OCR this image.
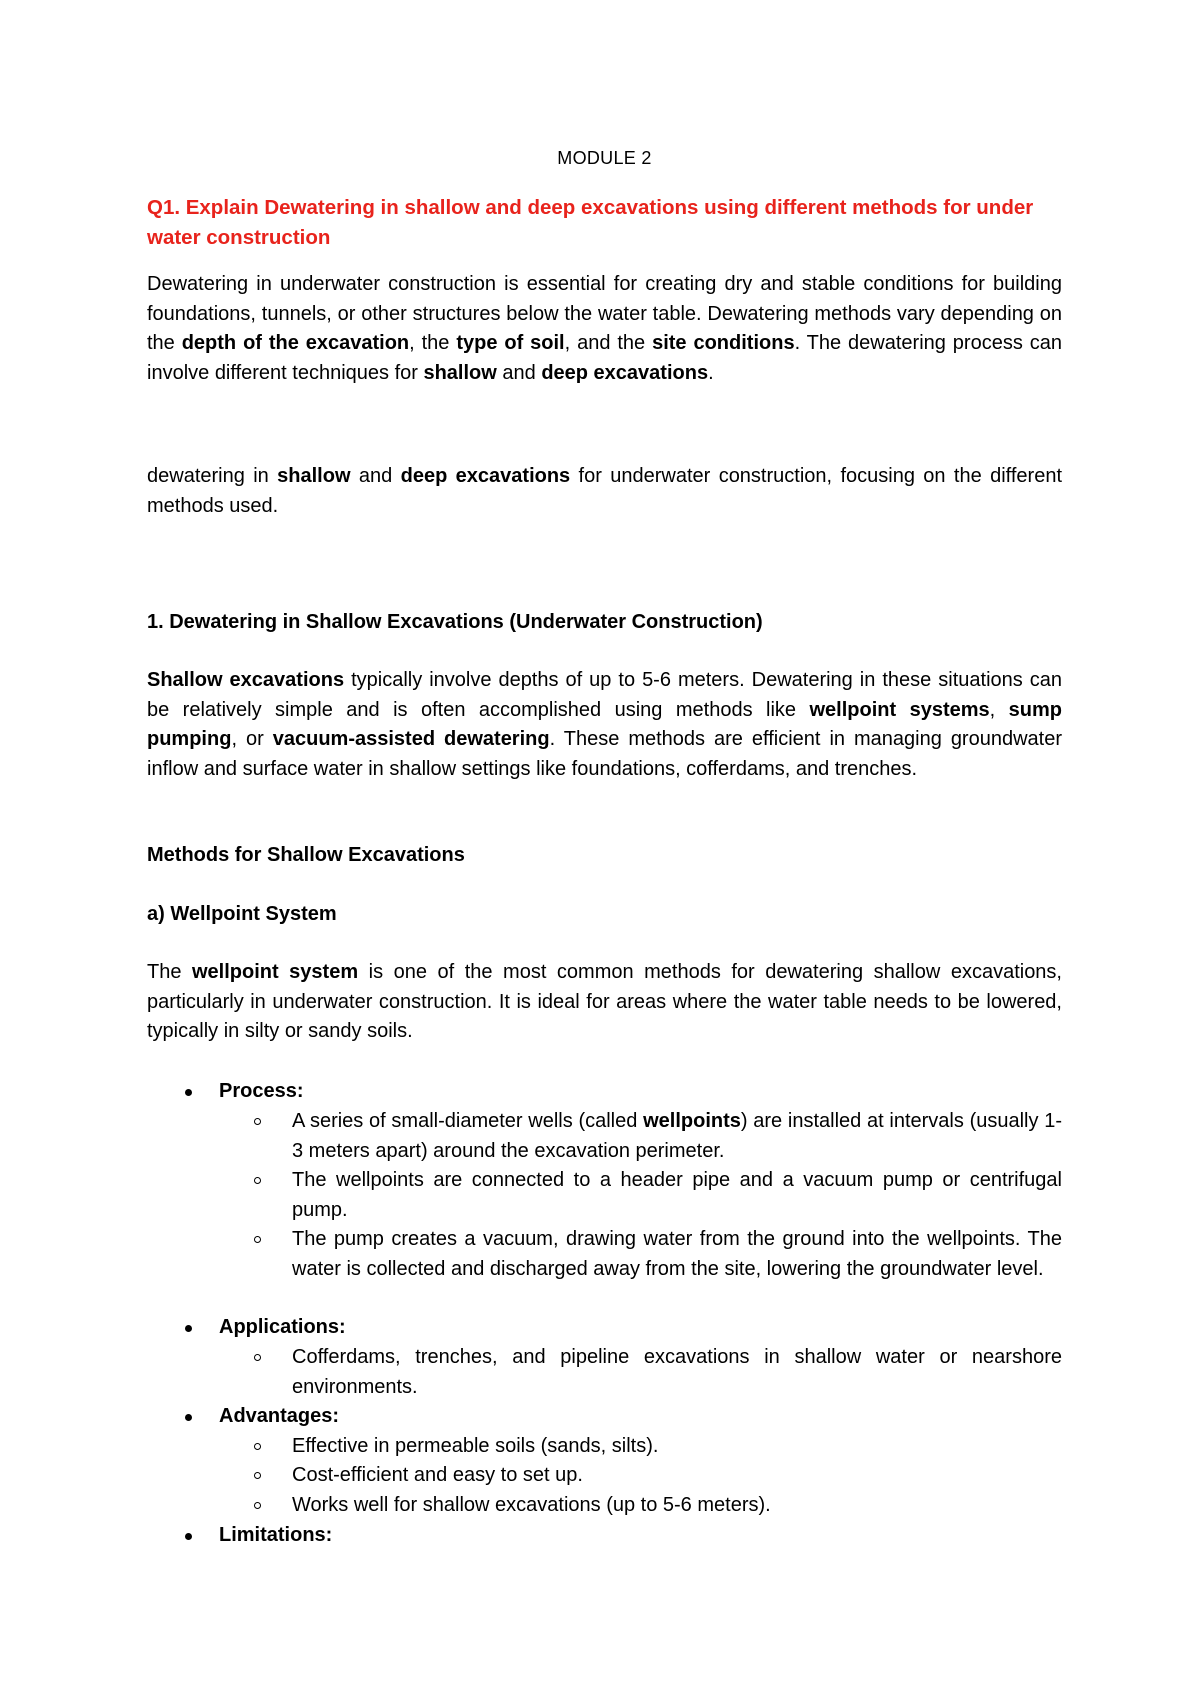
MODULE 2
Q1. Explain Dewatering in shallow and deep excavations using different methods for under water construction

Dewatering in underwater construction is essential for creating dry and stable conditions for building foundations, tunnels, or other structures below the water table. Dewatering methods vary depending on the depth of the excavation, the type of soil, and the site conditions. The dewatering process can involve different techniques for shallow and deep excavations.

dewatering in shallow and deep excavations for underwater construction, focusing on the different methods used.

1. Dewatering in Shallow Excavations (Underwater Construction)

Shallow excavations typically involve depths of up to 5-6 meters. Dewatering in these situations can be relatively simple and is often accomplished using methods like wellpoint systems, sump pumping, or vacuum-assisted dewatering. These methods are efficient in managing groundwater inflow and surface water in shallow settings like foundations, cofferdams, and trenches.

Methods for Shallow Excavations
a) Wellpoint System

The wellpoint system is one of the most common methods for dewatering shallow excavations, particularly in underwater construction. It is ideal for areas where the water table needs to be lowered, typically in silty or sandy soils.

Process:
A series of small-diameter wells (called wellpoints) are installed at intervals (usually 1-3 meters apart) around the excavation perimeter.
The wellpoints are connected to a header pipe and a vacuum pump or centrifugal pump.
The pump creates a vacuum, drawing water from the ground into the wellpoints. The water is collected and discharged away from the site, lowering the groundwater level.
Applications:
Cofferdams, trenches, and pipeline excavations in shallow water or nearshore environments.
Advantages:
Effective in permeable soils (sands, silts).
Cost-efficient and easy to set up.
Works well for shallow excavations (up to 5-6 meters).
Limitations:
